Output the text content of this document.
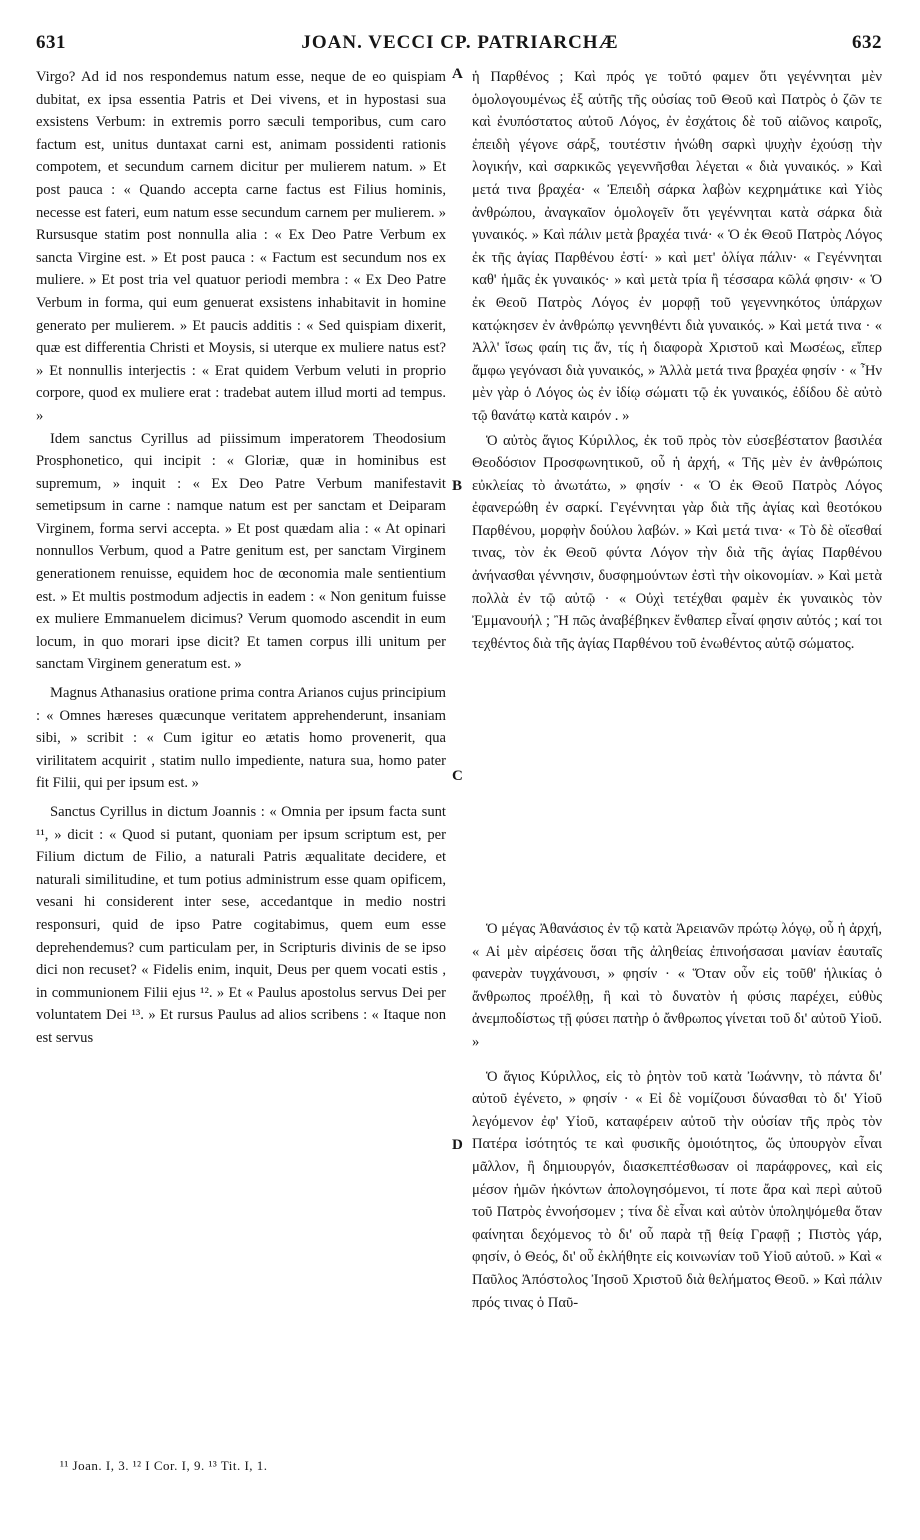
631	JOAN. VECCI CP. PATRIARCHÆ	632

Virgo? Ad id nos respondemus natum esse, neque de eo quispiam dubitat, ex ipsa essentia Patris et Dei vivens, et in hypostasi sua exsistens Verbum: in extremis porro sæculi temporibus, cum caro factum est, unitus duntaxat carni est, animam possidenti rationis compotem, et secundum carnem dicitur per mulierem natum. » Et post pauca : « Quando accepta carne factus est Filius hominis, necesse est fateri, eum natum esse secundum carnem per mulierem. » Rursusque statim post nonnulla alia : « Ex Deo Patre Verbum ex sancta Virgine est. » Et post pauca : « Factum est secundum nos ex muliere. » Et post tria vel quatuor periodi membra : « Ex Deo Patre Verbum in forma, qui eum genuerat exsistens inhabitavit in homine generato per mulierem. » Et paucis additis : « Sed quispiam dixerit, quæ est differentia Christi et Moysis, si uterque ex muliere natus est? » Et nonnullis interjectis : « Erat quidem Verbum veluti in proprio corpore, quod ex muliere erat : tradebat autem illud morti ad tempus. »

Idem sanctus Cyrillus ad piissimum imperatorem Theodosium Prosphonetico, qui incipit : « Gloriæ, quæ in hominibus est supremum, » inquit : « Ex Deo Patre Verbum manifestavit semetipsum in carne : namque natum est per sanctam et Deiparam Virginem, forma servi accepta. » Et post quædam alia : « At opinari nonnullos Verbum, quod a Patre genitum est, per sanctam Virginem generationem renuisse, equidem hoc de œconomia male sentientium est. » Et multis postmodum adjectis in eadem : « Non genitum fuisse ex muliere Emmanuelem dicimus? Verum quomodo ascendit in eum locum, in quo morari ipse dicit? Et tamen corpus illi unitum per sanctam Virginem generatum est. »

Magnus Athanasius oratione prima contra Arianos cujus principium : « Omnes hæreses quæcunque veritatem apprehenderunt, insaniam sibi, » scribit : « Cum igitur eo ætatis homo provenerit, qua virilitatem acquirit , statim nullo impediente, natura sua, homo pater fit Filii, qui per ipsum est. »

Sanctus Cyrillus in dictum Joannis : « Omnia per ipsum facta sunt ¹¹, » dicit : « Quod si putant, quoniam per ipsum scriptum est, per Filium dictum de Filio, a naturali Patris æqualitate decidere, et naturali similitudine, et tum potius administrum esse quam opificem, vesani hi considerent inter sese, accedantque in medio nostri responsuri, quid de ipso Patre cogitabimus, quem eum esse deprehendemus? cum particulam per, in Scripturis divinis de se ipso dici non recuset? « Fidelis enim, inquit, Deus per quem vocati estis , in communionem Filii ejus ¹². » Et « Paulus apostolus servus Dei per voluntatem Dei ¹³. » Et rursus Paulus ad alios scribens : « Itaque non est servus

A
B
C
D

ἡ Παρθένος ; Καὶ πρός γε τοῦτό φαμεν ὅτι γεγέννηται μὲν ὁμολογουμένως ἐξ αὐτῆς τῆς οὐσίας τοῦ Θεοῦ καὶ Πατρὸς ὁ ζῶν τε καὶ ἐνυπόστατος αὐτοῦ Λόγος, ἐν ἐσχάτοις δὲ τοῦ αἰῶνος καιροῖς, ἐπειδὴ γέγονε σάρξ, τουτέστιν ἡνώθη σαρκὶ ψυχὴν ἐχούσῃ τὴν λογικήν, καὶ σαρκικῶς γεγεννῆσθαι λέγεται « διὰ γυναικός. » Καὶ μετά τινα βραχέα· « Ἐπειδὴ σάρκα λαβὼν κεχρημάτικε καὶ Υἱὸς ἀνθρώπου, ἀναγκαῖον ὁμολογεῖν ὅτι γεγέννηται κατὰ σάρκα διὰ γυναικός. » Καὶ πάλιν μετὰ βραχέα τινά· « Ὁ ἐκ Θεοῦ Πατρὸς Λόγος ἐκ τῆς ἁγίας Παρθένου ἐστί· » καὶ μετ' ὀλίγα πάλιν· « Γεγέννηται καθ' ἡμᾶς ἐκ γυναικός· » καὶ μετὰ τρία ἢ τέσσαρα κῶλά φησιν· « Ὁ ἐκ Θεοῦ Πατρὸς Λόγος ἐν μορφῇ τοῦ γεγεννηκότος ὑπάρχων κατῴκησεν ἐν ἀνθρώπῳ γεννηθέντι διὰ γυναικός. » Καὶ μετά τινα · « Ἀλλ' ἴσως φαίη τις ἄν, τίς ἡ διαφορὰ Χριστοῦ καὶ Μωσέως, εἴπερ ἄμφω γεγόνασι διὰ γυναικός, » Ἀλλὰ μετά τινα βραχέα φησίν · « Ἦν μὲν γὰρ ὁ Λόγος ὡς ἐν ἰδίῳ σώματι τῷ ἐκ γυναικός, ἐδίδου δὲ αὐτὸ τῷ θανάτῳ κατὰ καιρόν . »

Ὁ αὐτὸς ἅγιος Κύριλλος, ἐκ τοῦ πρὸς τὸν εὐσεβέστατον βασιλέα Θεοδόσιον Προσφωνητικοῦ, οὗ ἡ ἀρχή, « Τῆς μὲν ἐν ἀνθρώποις εὐκλείας τὸ ἀνωτάτω, » φησίν · « Ὁ ἐκ Θεοῦ Πατρὸς Λόγος ἐφανερώθη ἐν σαρκί. Γεγέννηται γὰρ διὰ τῆς ἁγίας καὶ θεοτόκου Παρθένου, μορφὴν δούλου λαβών. » Καὶ μετά τινα· « Τὸ δὲ οἴεσθαί τινας, τὸν ἐκ Θεοῦ φύντα Λόγον τὴν διὰ τῆς ἁγίας Παρθένου ἀνήνασθαι γέννησιν, δυσφημούντων ἐστὶ τὴν οἰκονομίαν. » Καὶ μετὰ πολλὰ ἐν τῷ αὐτῷ · « Οὐχὶ τετέχθαι φαμὲν ἐκ γυναικὸς τὸν Ἐμμανουήλ ; Ἢ πῶς ἀναβέβηκεν ἔνθαπερ εἶναί φησιν αὐτός ; καί τοι τεχθέντος διὰ τῆς ἁγίας Παρθένου τοῦ ἑνωθέντος αὐτῷ σώματος.

Ὁ μέγας Ἀθανάσιος ἐν τῷ κατὰ Ἀρειανῶν πρώτῳ λόγῳ, οὗ ἡ ἀρχή, « Αἱ μὲν αἱρέσεις ὅσαι τῆς ἀληθείας ἐπινοήσασαι μανίαν ἑαυταῖς φανερὰν τυγχάνουσι, » φησίν · « Ὅταν οὖν εἰς τοῦθ' ἡλικίας ὁ ἄνθρωπος προέλθῃ, ἣ καὶ τὸ δυνατὸν ἡ φύσις παρέχει, εὐθὺς ἀνεμποδίστως τῇ φύσει πατὴρ ὁ ἄνθρωπος γίνεται τοῦ δι' αὐτοῦ Υἱοῦ. »

Ὁ ἅγιος Κύριλλος, εἰς τὸ ῥητὸν τοῦ κατὰ Ἰωάννην, τὸ πάντα δι' αὐτοῦ ἐγένετο, » φησίν · « Εἰ δὲ νομίζουσι δύνασθαι τὸ δι' Υἱοῦ λεγόμενον ἐφ' Υἱοῦ, καταφέρειν αὐτοῦ τὴν οὐσίαν τῆς πρὸς τὸν Πατέρα ἰσότητός τε καὶ φυσικῆς ὁμοιότητος, ὥς ὑπουργὸν εἶναι μᾶλλον, ἢ δημιουργόν, διασκεπτέσθωσαν οἱ παράφρονες, καὶ εἰς μέσον ἡμῶν ἡκόντων ἀπολογησόμενοι, τί ποτε ἄρα καὶ περὶ αὐτοῦ τοῦ Πατρὸς ἐννοήσομεν ; τίνα δὲ εἶναι καὶ αὐτὸν ὑποληψόμεθα ὅταν φαίνηται δεχόμενος τὸ δι' οὗ παρὰ τῇ θείᾳ Γραφῇ ; Πιστὸς γάρ, φησίν, ὁ Θεός, δι' οὗ ἐκλήθητε εἰς κοινωνίαν τοῦ Υἱοῦ αὐτοῦ. » Καὶ « Παῦλος Ἀπόστολος Ἰησοῦ Χριστοῦ διὰ θελήματος Θεοῦ. » Καὶ πάλιν πρός τινας ὁ Παῦ-

¹¹ Joan. I, 3. ¹² I Cor. I, 9. ¹³ Tit. I, 1.
